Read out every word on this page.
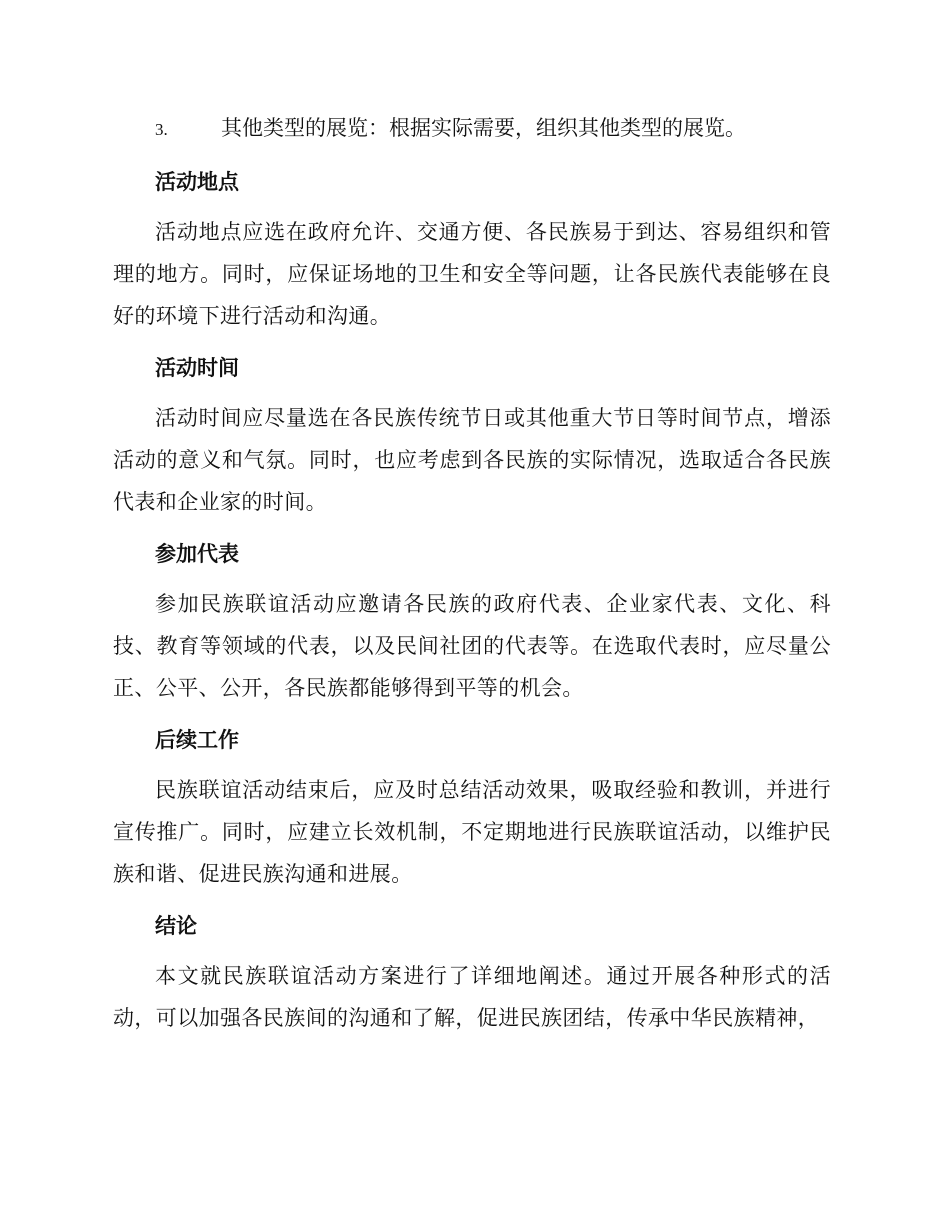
3.	其他类型的展览：根据实际需要，组织其他类型的展览。
活动地点

活动地点应选在政府允许、交通方便、各民族易于到达、容易组织和管理的地方。同时，应保证场地的卫生和安全等问题，让各民族代表能够在良好的环境下进行活动和沟通。

活动时间

活动时间应尽量选在各民族传统节日或其他重大节日等时间节点，增添活动的意义和气氛。同时，也应考虑到各民族的实际情况，选取适合各民族代表和企业家的时间。

参加代表

参加民族联谊活动应邀请各民族的政府代表、企业家代表、文化、科技、教育等领域的代表，以及民间社团的代表等。在选取代表时，应尽量公正、公平、公开，各民族都能够得到平等的机会。

后续工作

民族联谊活动结束后，应及时总结活动效果，吸取经验和教训，并进行宣传推广。同时，应建立长效机制，不定期地进行民族联谊活动，以维护民族和谐、促进民族沟通和进展。

结论

本文就民族联谊活动方案进行了详细地阐述。通过开展各种形式的活动，可以加强各民族间的沟通和了解，促进民族团结，传承中华民族精神，
